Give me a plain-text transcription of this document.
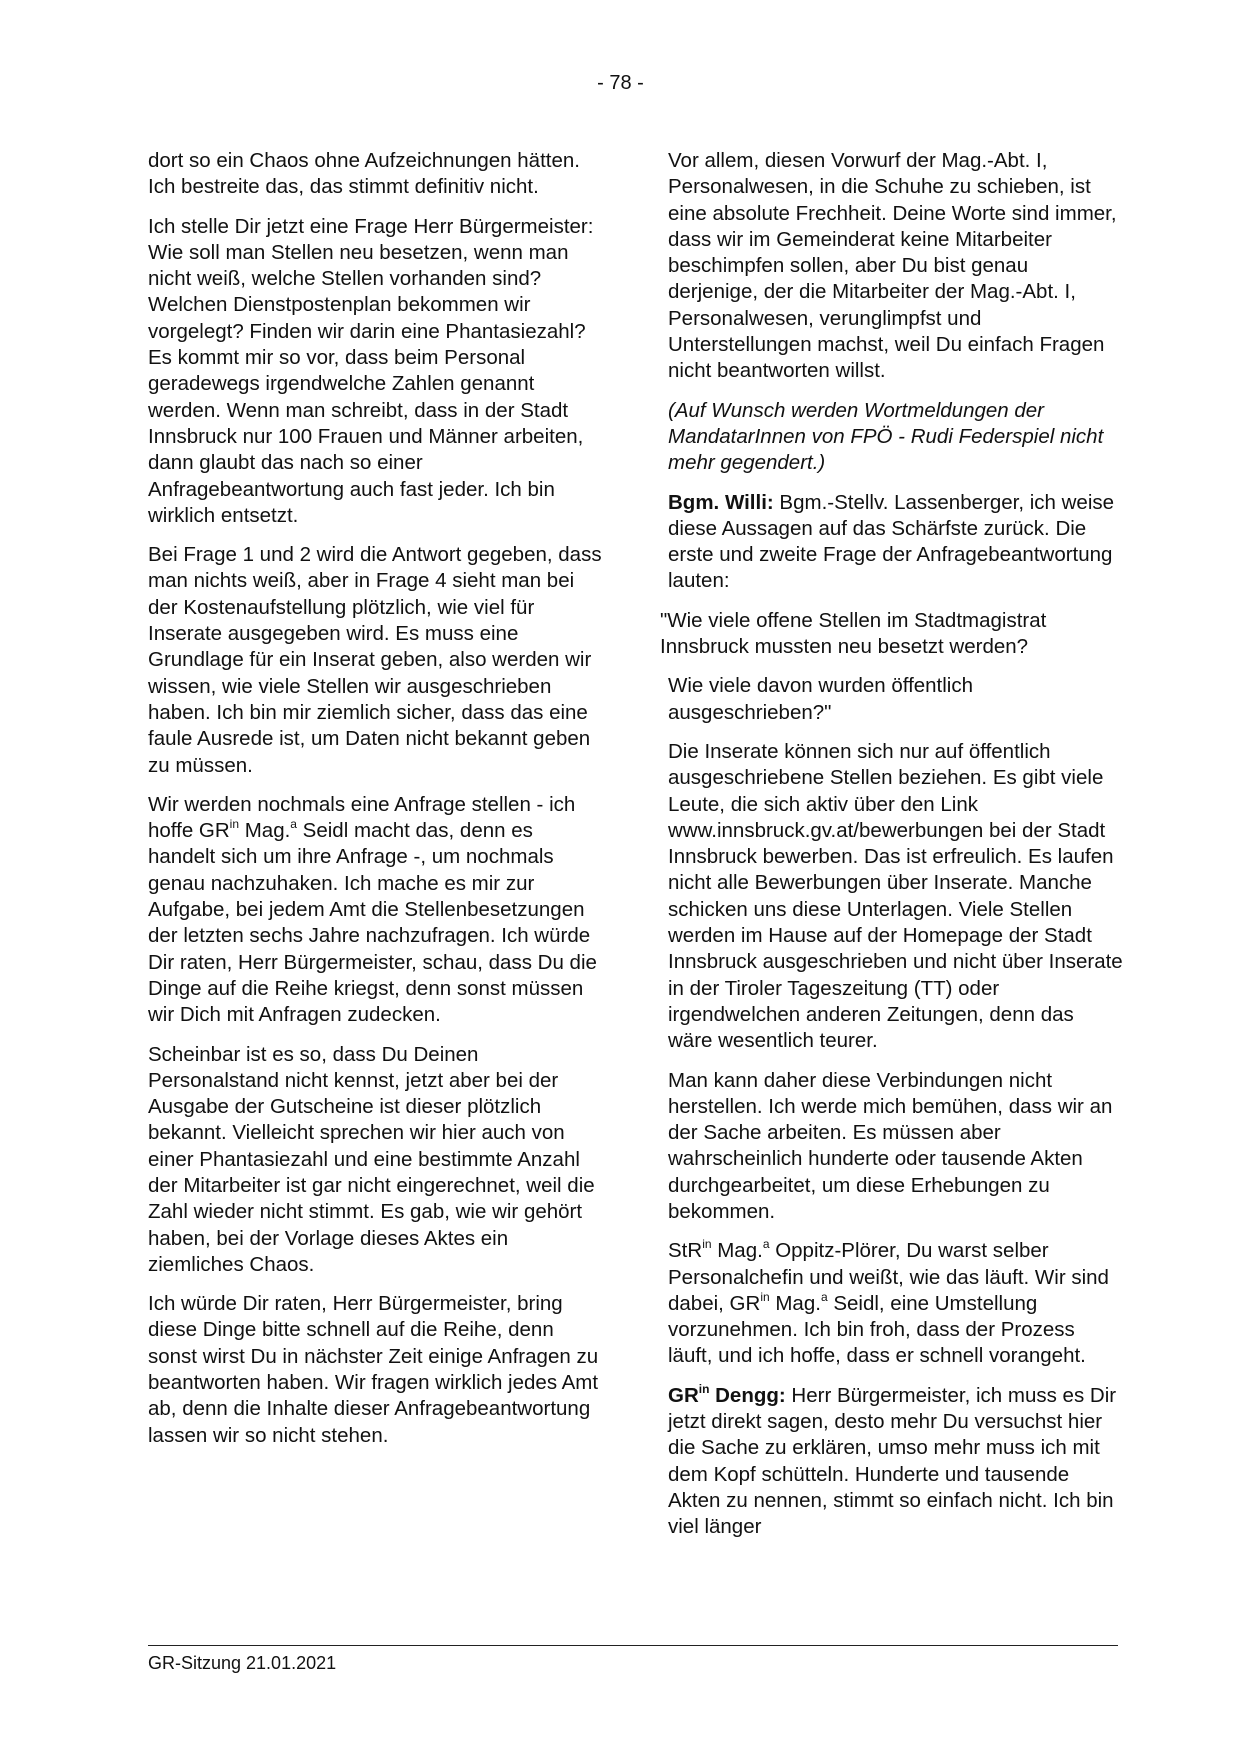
- 78 -

dort so ein Chaos ohne Aufzeichnungen hätten. Ich bestreite das, das stimmt definitiv nicht.

Ich stelle Dir jetzt eine Frage Herr Bürgermeister: Wie soll man Stellen neu besetzen, wenn man nicht weiß, welche Stellen vorhanden sind? Welchen Dienstpostenplan bekommen wir vorgelegt? Finden wir darin eine Phantasiezahl? Es kommt mir so vor, dass beim Personal geradewegs irgendwelche Zahlen genannt werden. Wenn man schreibt, dass in der Stadt Innsbruck nur 100 Frauen und Männer arbeiten, dann glaubt das nach so einer Anfragebeantwortung auch fast jeder. Ich bin wirklich entsetzt.

Bei Frage 1 und 2 wird die Antwort gegeben, dass man nichts weiß, aber in Frage 4 sieht man bei der Kostenaufstellung plötzlich, wie viel für Inserate ausgegeben wird. Es muss eine Grundlage für ein Inserat geben, also werden wir wissen, wie viele Stellen wir ausgeschrieben haben. Ich bin mir ziemlich sicher, dass das eine faule Ausrede ist, um Daten nicht bekannt geben zu müssen.

Wir werden nochmals eine Anfrage stellen - ich hoffe $GR^{in}$ Mag.$^a$ Seidl macht das, denn es handelt sich um ihre Anfrage -, um nochmals genau nachzuhaken. Ich mache es mir zur Aufgabe, bei jedem Amt die Stellenbesetzungen der letzten sechs Jahre nachzufragen. Ich würde Dir raten, Herr Bürgermeister, schau, dass Du die Dinge auf die Reihe kriegst, denn sonst müssen wir Dich mit Anfragen zudecken.

Scheinbar ist es so, dass Du Deinen Personalstand nicht kennst, jetzt aber bei der Ausgabe der Gutscheine ist dieser plötzlich bekannt. Vielleicht sprechen wir hier auch von einer Phantasiezahl und eine bestimmte Anzahl der Mitarbeiter ist gar nicht eingerechnet, weil die Zahl wieder nicht stimmt. Es gab, wie wir gehört haben, bei der Vorlage dieses Aktes ein ziemliches Chaos.

Ich würde Dir raten, Herr Bürgermeister, bring diese Dinge bitte schnell auf die Reihe, denn sonst wirst Du in nächster Zeit einige Anfragen zu beantworten haben. Wir fragen wirklich jedes Amt ab, denn die Inhalte dieser Anfragebeantwortung lassen wir so nicht stehen.

Vor allem, diesen Vorwurf der Mag.-Abt. I, Personalwesen, in die Schuhe zu schieben, ist eine absolute Frechheit. Deine Worte sind immer, dass wir im Gemeinderat keine Mitarbeiter beschimpfen sollen, aber Du bist genau derjenige, der die Mitarbeiter der Mag.-Abt. I, Personalwesen, verunglimpfst und Unterstellungen machst, weil Du einfach Fragen nicht beantworten willst.

(Auf Wunsch werden Wortmeldungen der MandatarInnen von FPÖ - Rudi Federspiel nicht mehr gegendert.)

Bgm. Willi: Bgm.-Stellv. Lassenberger, ich weise diese Aussagen auf das Schärfste zurück. Die erste und zweite Frage der Anfragebeantwortung lauten:

"Wie viele offene Stellen im Stadtmagistrat Innsbruck mussten neu besetzt werden?

Wie viele davon wurden öffentlich ausgeschrieben?"

Die Inserate können sich nur auf öffentlich ausgeschriebene Stellen beziehen. Es gibt viele Leute, die sich aktiv über den Link www.innsbruck.gv.at/bewerbungen bei der Stadt Innsbruck bewerben. Das ist erfreulich. Es laufen nicht alle Bewerbungen über Inserate. Manche schicken uns diese Unterlagen. Viele Stellen werden im Hause auf der Homepage der Stadt Innsbruck ausgeschrieben und nicht über Inserate in der Tiroler Tageszeitung (TT) oder irgendwelchen anderen Zeitungen, denn das wäre wesentlich teurer.

Man kann daher diese Verbindungen nicht herstellen. Ich werde mich bemühen, dass wir an der Sache arbeiten. Es müssen aber wahrscheinlich hunderte oder tausende Akten durchgearbeitet, um diese Erhebungen zu bekommen.

StR$^{in}$ Mag.$^a$ Oppitz-Plörer, Du warst selber Personalchefin und weißt, wie das läuft. Wir sind dabei, $GR^{in}$ Mag.$^a$ Seidl, eine Umstellung vorzunehmen. Ich bin froh, dass der Prozess läuft, und ich hoffe, dass er schnell vorangeht.

$GR^{in}$ Dengg: Herr Bürgermeister, ich muss es Dir jetzt direkt sagen, desto mehr Du versuchst hier die Sache zu erklären, umso mehr muss ich mit dem Kopf schütteln. Hunderte und tausende Akten zu nennen, stimmt so einfach nicht. Ich bin viel länger

GR-Sitzung 21.01.2021
